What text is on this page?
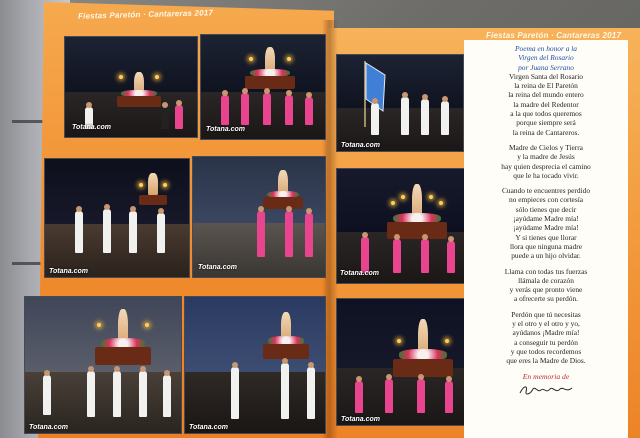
Fiestas Paretón · Cantareras 2017
Fiestas Paretón · Cantareras 2017
Totana.com
Totana.com
Totana.com	Totana.com
Totana.com
Totana.com	Totana.com
Totana.com
Totana.com
Poema en honor a la
Virgen del Rosario
por Juana Serrano
Virgen Santa del Rosario
la reina de El Paretón
la reina del mundo entero
la madre del Redentor
a la que todos queremos
porque siempre será
la reina de Cantareros.
Madre de Cielos y Tierra
y la madre de Jesús
hay quien desprecia el camino
que le ha tocado vivir.
Cuando te encuentres perdido
no empieces con cortesía
sólo tienes que decir
¡ayúdame Madre mía!
¡ayúdame Madre mía!
Y si tienes que llorar
llora que ninguna madre
puede a un hijo olvidar.
Llama con todas tus fuerzas
llámala de corazón
y verás que pronto viene
a ofrecerte su perdón.
Perdón que tú necesitas
y el otro y el otro y yo,
ayúdanos ¡Madre mía!
a conseguir tu perdón
y que todos recordemos
que eres la Madre de Dios.
En memoria de
